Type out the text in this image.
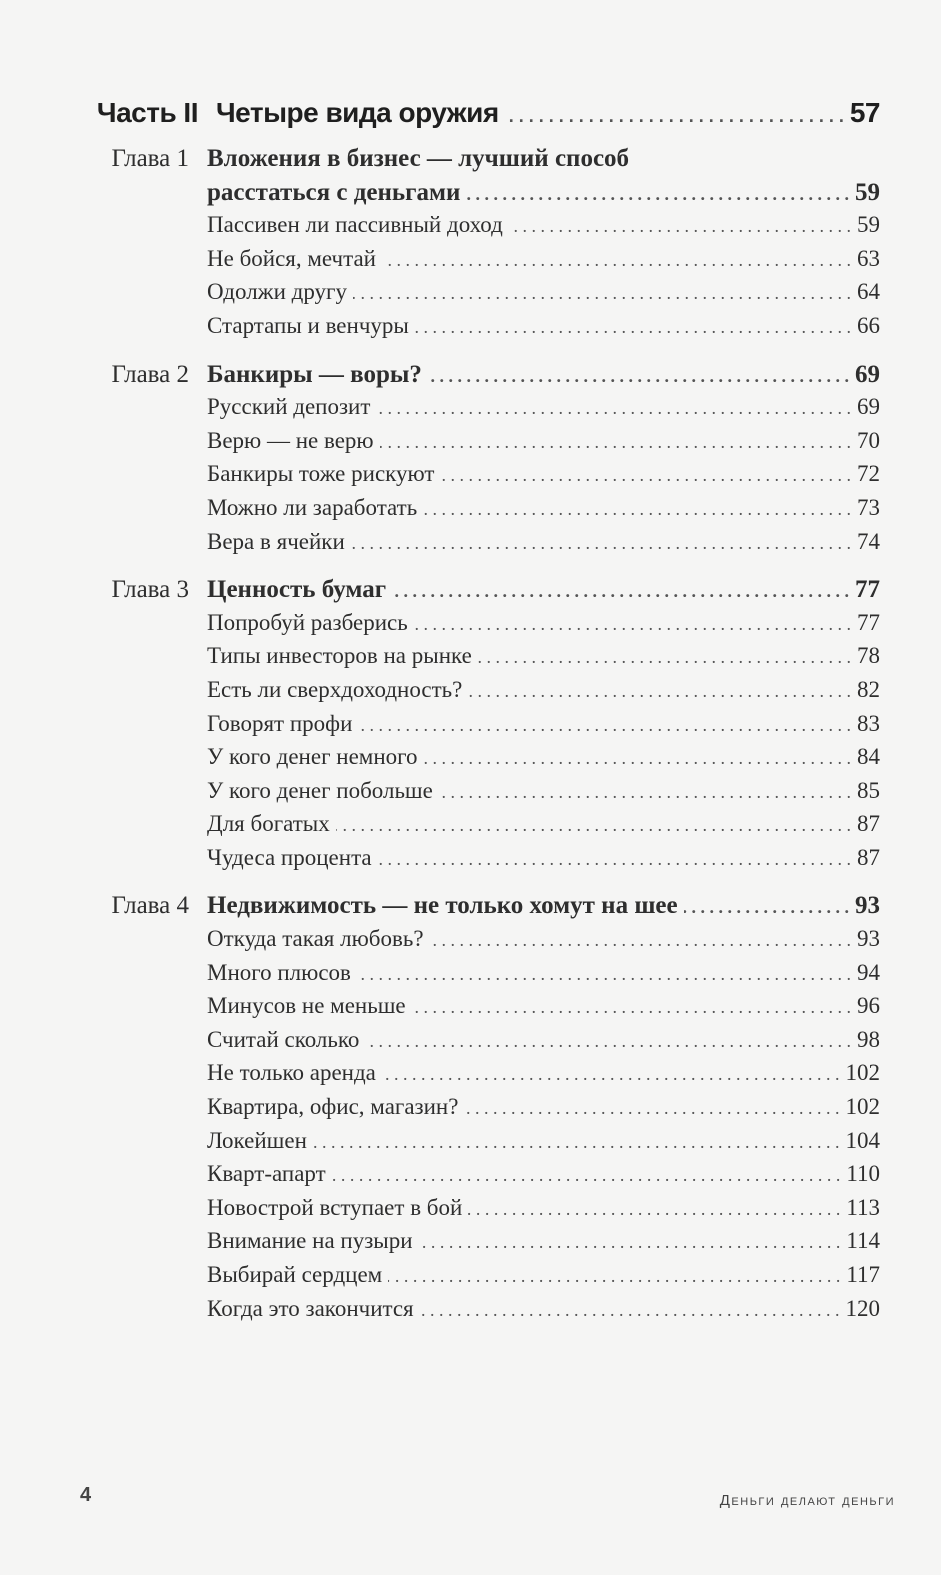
Часть II Четыре вида оружия . . .	57
Глава 1 Вложения в бизнес — лучший способ
расстаться с деньгами . . .	59
Пассивен ли пассивный доход . . .	59
Не бойся, мечтай . . .	63
Одолжи другу . . .	64
Стартапы и венчуры . . .	66
Глава 2 Банкиры — воры? . . .	69
Русский депозит . . .	69
Верю — не верю . . .	70
Банкиры тоже рискуют . . .	72
Можно ли заработать . . .	73
Вера в ячейки . . .	74
Глава 3 Ценность бумаг . . .	77
Попробуй разберись . . .	77
Типы инвесторов на рынке . . .	78
Есть ли сверхдоходность? . . .	82
Говорят профи . . .	83
У кого денег немного . . .	84
У кого денег побольше . . .	85
Для богатых . . .	87
Чудеса процента . . .	87
Глава 4 Недвижимость — не только хомут на шее . . .	93
Откуда такая любовь? . . .	93
Много плюсов . . .	94
Минусов не меньше . . .	96
Считай сколько . . .	98
Не только аренда . . .	102
Квартира, офис, магазин? . . .	102
Локейшен . . .	104
Кварт-апарт . . .	110
Новострой вступает в бой . . .	113
Внимание на пузыри . . .	114
Выбирай сердцем . . .	117
Когда это закончится . . .	120
4	Деньги делают деньги
